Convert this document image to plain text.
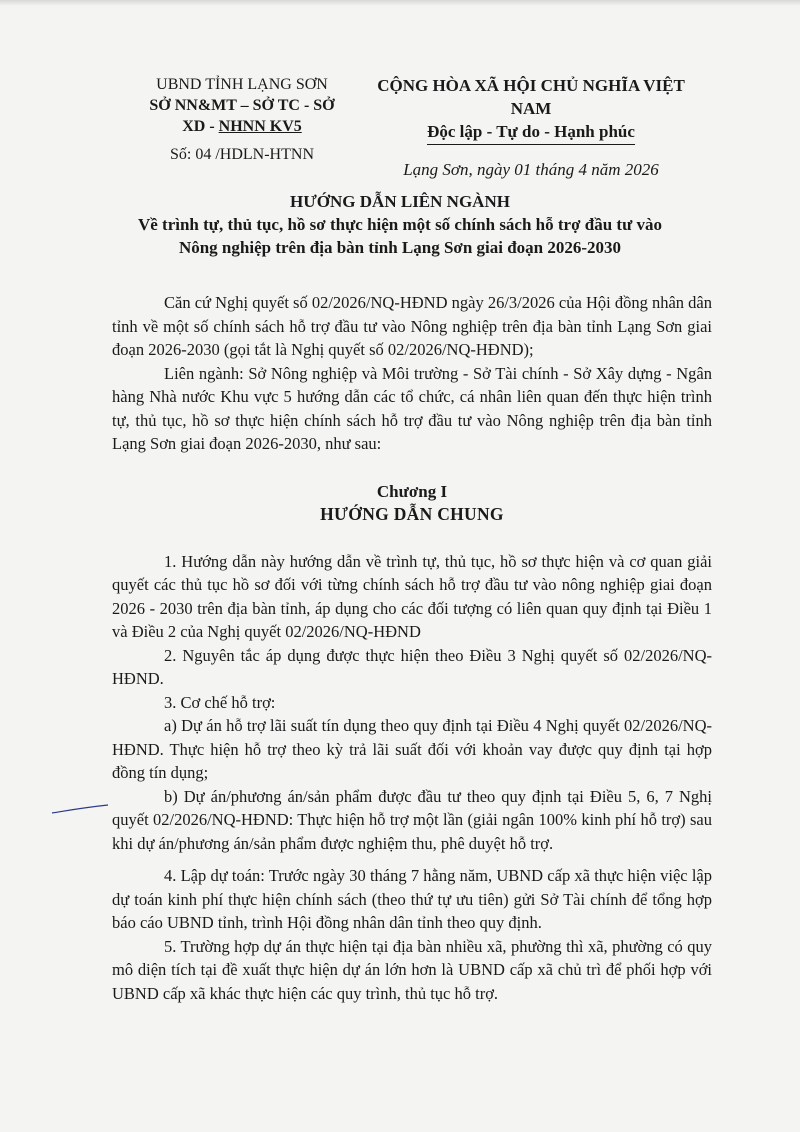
UBND TỈNH LẠNG SƠN
SỞ NN&MT – SỞ TC - SỞ
XD - NHNN KV5
Số: 04 /HDLN-HTNN
CỘNG HÒA XÃ HỘI CHỦ NGHĨA VIỆT NAM
Độc lập - Tự do - Hạnh phúc
Lạng Sơn, ngày 01 tháng 4 năm 2026
HƯỚNG DẪN LIÊN NGÀNH
Về trình tự, thủ tục, hồ sơ thực hiện một số chính sách hỗ trợ đầu tư vào
Nông nghiệp trên địa bàn tỉnh Lạng Sơn giai đoạn 2026-2030

Căn cứ Nghị quyết số 02/2026/NQ-HĐND ngày 26/3/2026 của Hội đồng nhân dân tỉnh về một số chính sách hỗ trợ đầu tư vào Nông nghiệp trên địa bàn tỉnh Lạng Sơn giai đoạn 2026-2030 (gọi tắt là Nghị quyết số 02/2026/NQ-HĐND);

Liên ngành: Sở Nông nghiệp và Môi trường - Sở Tài chính - Sở Xây dựng - Ngân hàng Nhà nước Khu vực 5 hướng dẫn các tổ chức, cá nhân liên quan đến thực hiện trình tự, thủ tục, hồ sơ thực hiện chính sách hỗ trợ đầu tư vào Nông nghiệp trên địa bàn tỉnh Lạng Sơn giai đoạn 2026-2030, như sau:

Chương I
HƯỚNG DẪN CHUNG

1. Hướng dẫn này hướng dẫn về trình tự, thủ tục, hồ sơ thực hiện và cơ quan giải quyết các thủ tục hồ sơ đối với từng chính sách hỗ trợ đầu tư vào nông nghiệp giai đoạn 2026 - 2030 trên địa bàn tỉnh, áp dụng cho các đối tượng có liên quan quy định tại Điều 1 và Điều 2 của Nghị quyết 02/2026/NQ-HĐND

2. Nguyên tắc áp dụng được thực hiện theo Điều 3 Nghị quyết số 02/2026/NQ-HĐND.

3. Cơ chế hỗ trợ:

a) Dự án hỗ trợ lãi suất tín dụng theo quy định tại Điều 4 Nghị quyết 02/2026/NQ-HĐND. Thực hiện hỗ trợ theo kỳ trả lãi suất đối với khoản vay được quy định tại hợp đồng tín dụng;

b) Dự án/phương án/sản phẩm được đầu tư theo quy định tại Điều 5, 6, 7 Nghị quyết 02/2026/NQ-HĐND: Thực hiện hỗ trợ một lần (giải ngân 100% kinh phí hỗ trợ) sau khi dự án/phương án/sản phẩm được nghiệm thu, phê duyệt hỗ trợ.

4. Lập dự toán: Trước ngày 30 tháng 7 hằng năm, UBND cấp xã thực hiện việc lập dự toán kinh phí thực hiện chính sách (theo thứ tự ưu tiên) gửi Sở Tài chính để tổng hợp báo cáo UBND tỉnh, trình Hội đồng nhân dân tỉnh theo quy định.

5. Trường hợp dự án thực hiện tại địa bàn nhiều xã, phường thì xã, phường có quy mô diện tích tại đề xuất thực hiện dự án lớn hơn là UBND cấp xã chủ trì để phối hợp với UBND cấp xã khác thực hiện các quy trình, thủ tục hỗ trợ.
